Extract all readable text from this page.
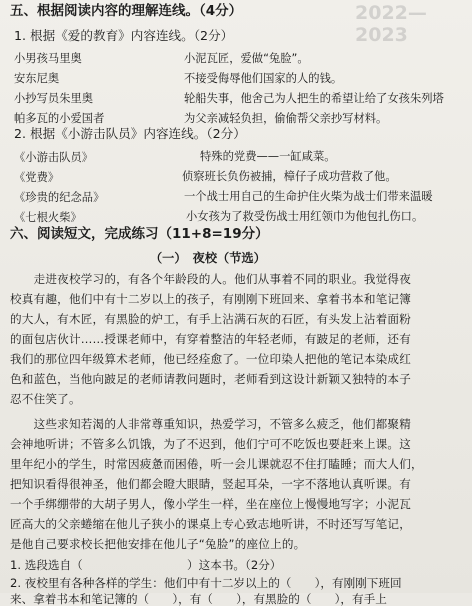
2022—2023
五、根据阅读内容的理解连线。（4分）
1. 根据《爱的教育》内容连线。（2分）
小男孩马里奥	小泥瓦匠，爱做“兔脸”。
安东尼奥	不接受侮辱他们国家的人的钱。
小抄写员朱里奥	轮船失事，他舍己为人把生的希望让给了女孩朱列塔
帕多瓦的小爱国者	为父亲减轻负担，偷偷帮父亲抄写材料。
2. 根据《小游击队员》内容连线。（2分）
《小游击队员》	特殊的党费——一缸咸菜。
《党费》	侦察班长负伤被捕，樟仔子成功营救了他。
《珍贵的纪念品》	一个战士用自己的生命护住火柴为战士们带来温暖
《七根火柴》	小女孩为了救受伤战士用红领巾为他包扎伤口。
六、阅读短文，完成练习（11+8=19分）
（一）　夜校（节选）
　　走进夜校学习的，有各个年龄段的人。他们从事着不同的职业。我觉得夜
校真有趣，他们中有十二岁以上的孩子，有刚刚下班回来、拿着书本和笔记簿
的大人，有木匠，有黑脸的炉工，有手上沾满石灰的石匠，有头发上沾着面粉
的面包店伙计……授课老师中，有穿着整洁的年轻老师，有跛足的老师，还有
我们的那位四年级算术老师，他已经痊愈了。一位印染人把他的笔记本染成红
色和蓝色，当他向跛足的老师请教问题时，老师看到这设计新颖又独特的本子
忍不住笑了。
　　这些求知若渴的人非常尊重知识，热爱学习，不管多么疲乏，他们都聚精
会神地听讲；不管多么饥饿，为了不迟到，他们宁可不吃饭也要赶来上课。这
里年纪小的学生，时常因疲惫而困倦，听一会儿课就忍不住打瞌睡；而大人们，
把知识看得很神圣，他们都会瞪大眼睛，竖起耳朵，一字不落地认真听课。有
一个手绑绷带的大胡子男人，像小学生一样，坐在座位上慢慢地写字；小泥瓦
匠高大的父亲蜷缩在他儿子狭小的课桌上专心致志地听讲，不时还写写笔记，
是他自己要求校长把他安排在他儿子“兔脸”的座位上的。
1. 选段选自（　　　　　　　　　）这本书。（2分）
2. 夜校里有各种各样的学生：他们中有十二岁以上的（　　），有刚刚下班回
来、拿着书本和笔记簿的（　　），有（　　），有黑脸的（　　），有手上
